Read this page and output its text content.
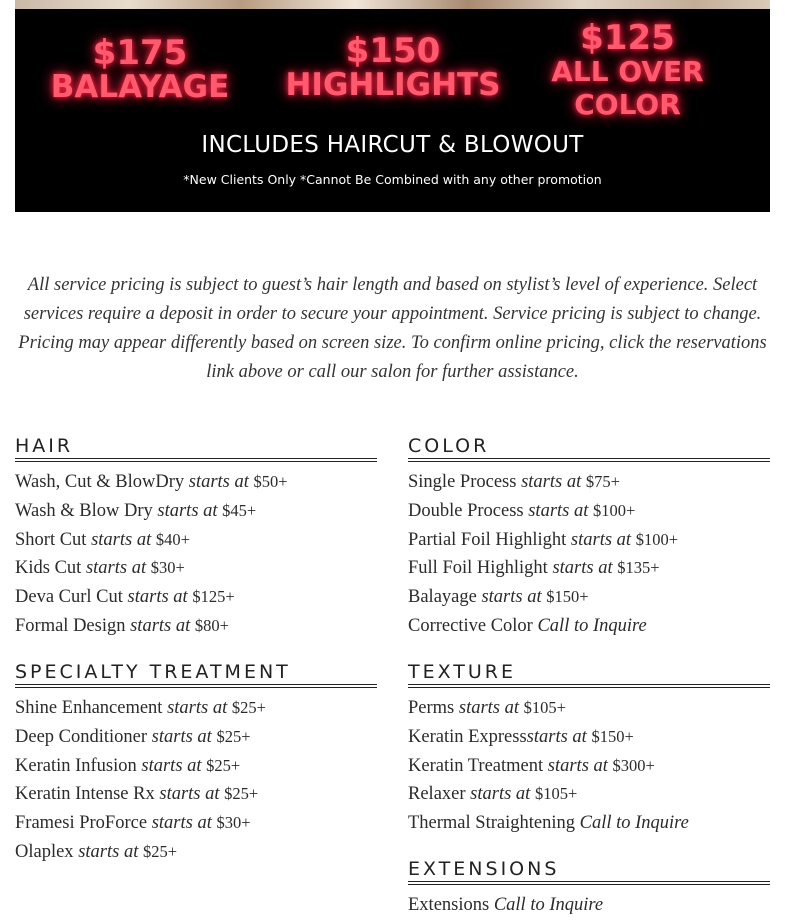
$175
BALAYAGE
$150
HIGHLIGHTS
$125
ALL OVER
COLOR
INCLUDES HAIRCUT & BLOWOUT
*New Clients Only *Cannot Be Combined with any other promotion

All service pricing is subject to guest’s hair length and based on stylist’s level of experience. Select services require a deposit in order to secure your appointment. Service pricing is subject to change. Pricing may appear differently based on screen size. To confirm online pricing, click the reservations link above or call our salon for further assistance.

HAIR
Wash, Cut & BlowDry starts at $50+
Wash & Blow Dry starts at $45+
Short Cut starts at $40+
Kids Cut starts at $30+
Deva Curl Cut starts at $125+
Formal Design starts at $80+
COLOR
Single Process starts at $75+
Double Process starts at $100+
Partial Foil Highlight starts at $100+
Full Foil Highlight starts at $135+
Balayage starts at $150+
Corrective Color Call to Inquire
SPECIALTY TREATMENT
Shine Enhancement starts at $25+
Deep Conditioner starts at $25+
Keratin Infusion starts at $25+
Keratin Intense Rx starts at $25+
Framesi ProForce starts at $30+
Olaplex starts at $25+
TEXTURE
Perms starts at $105+
Keratin Expressstarts at $150+
Keratin Treatment starts at $300+
Relaxer starts at $105+
Thermal Straightening Call to Inquire
EXTENSIONS
Extensions Call to Inquire
